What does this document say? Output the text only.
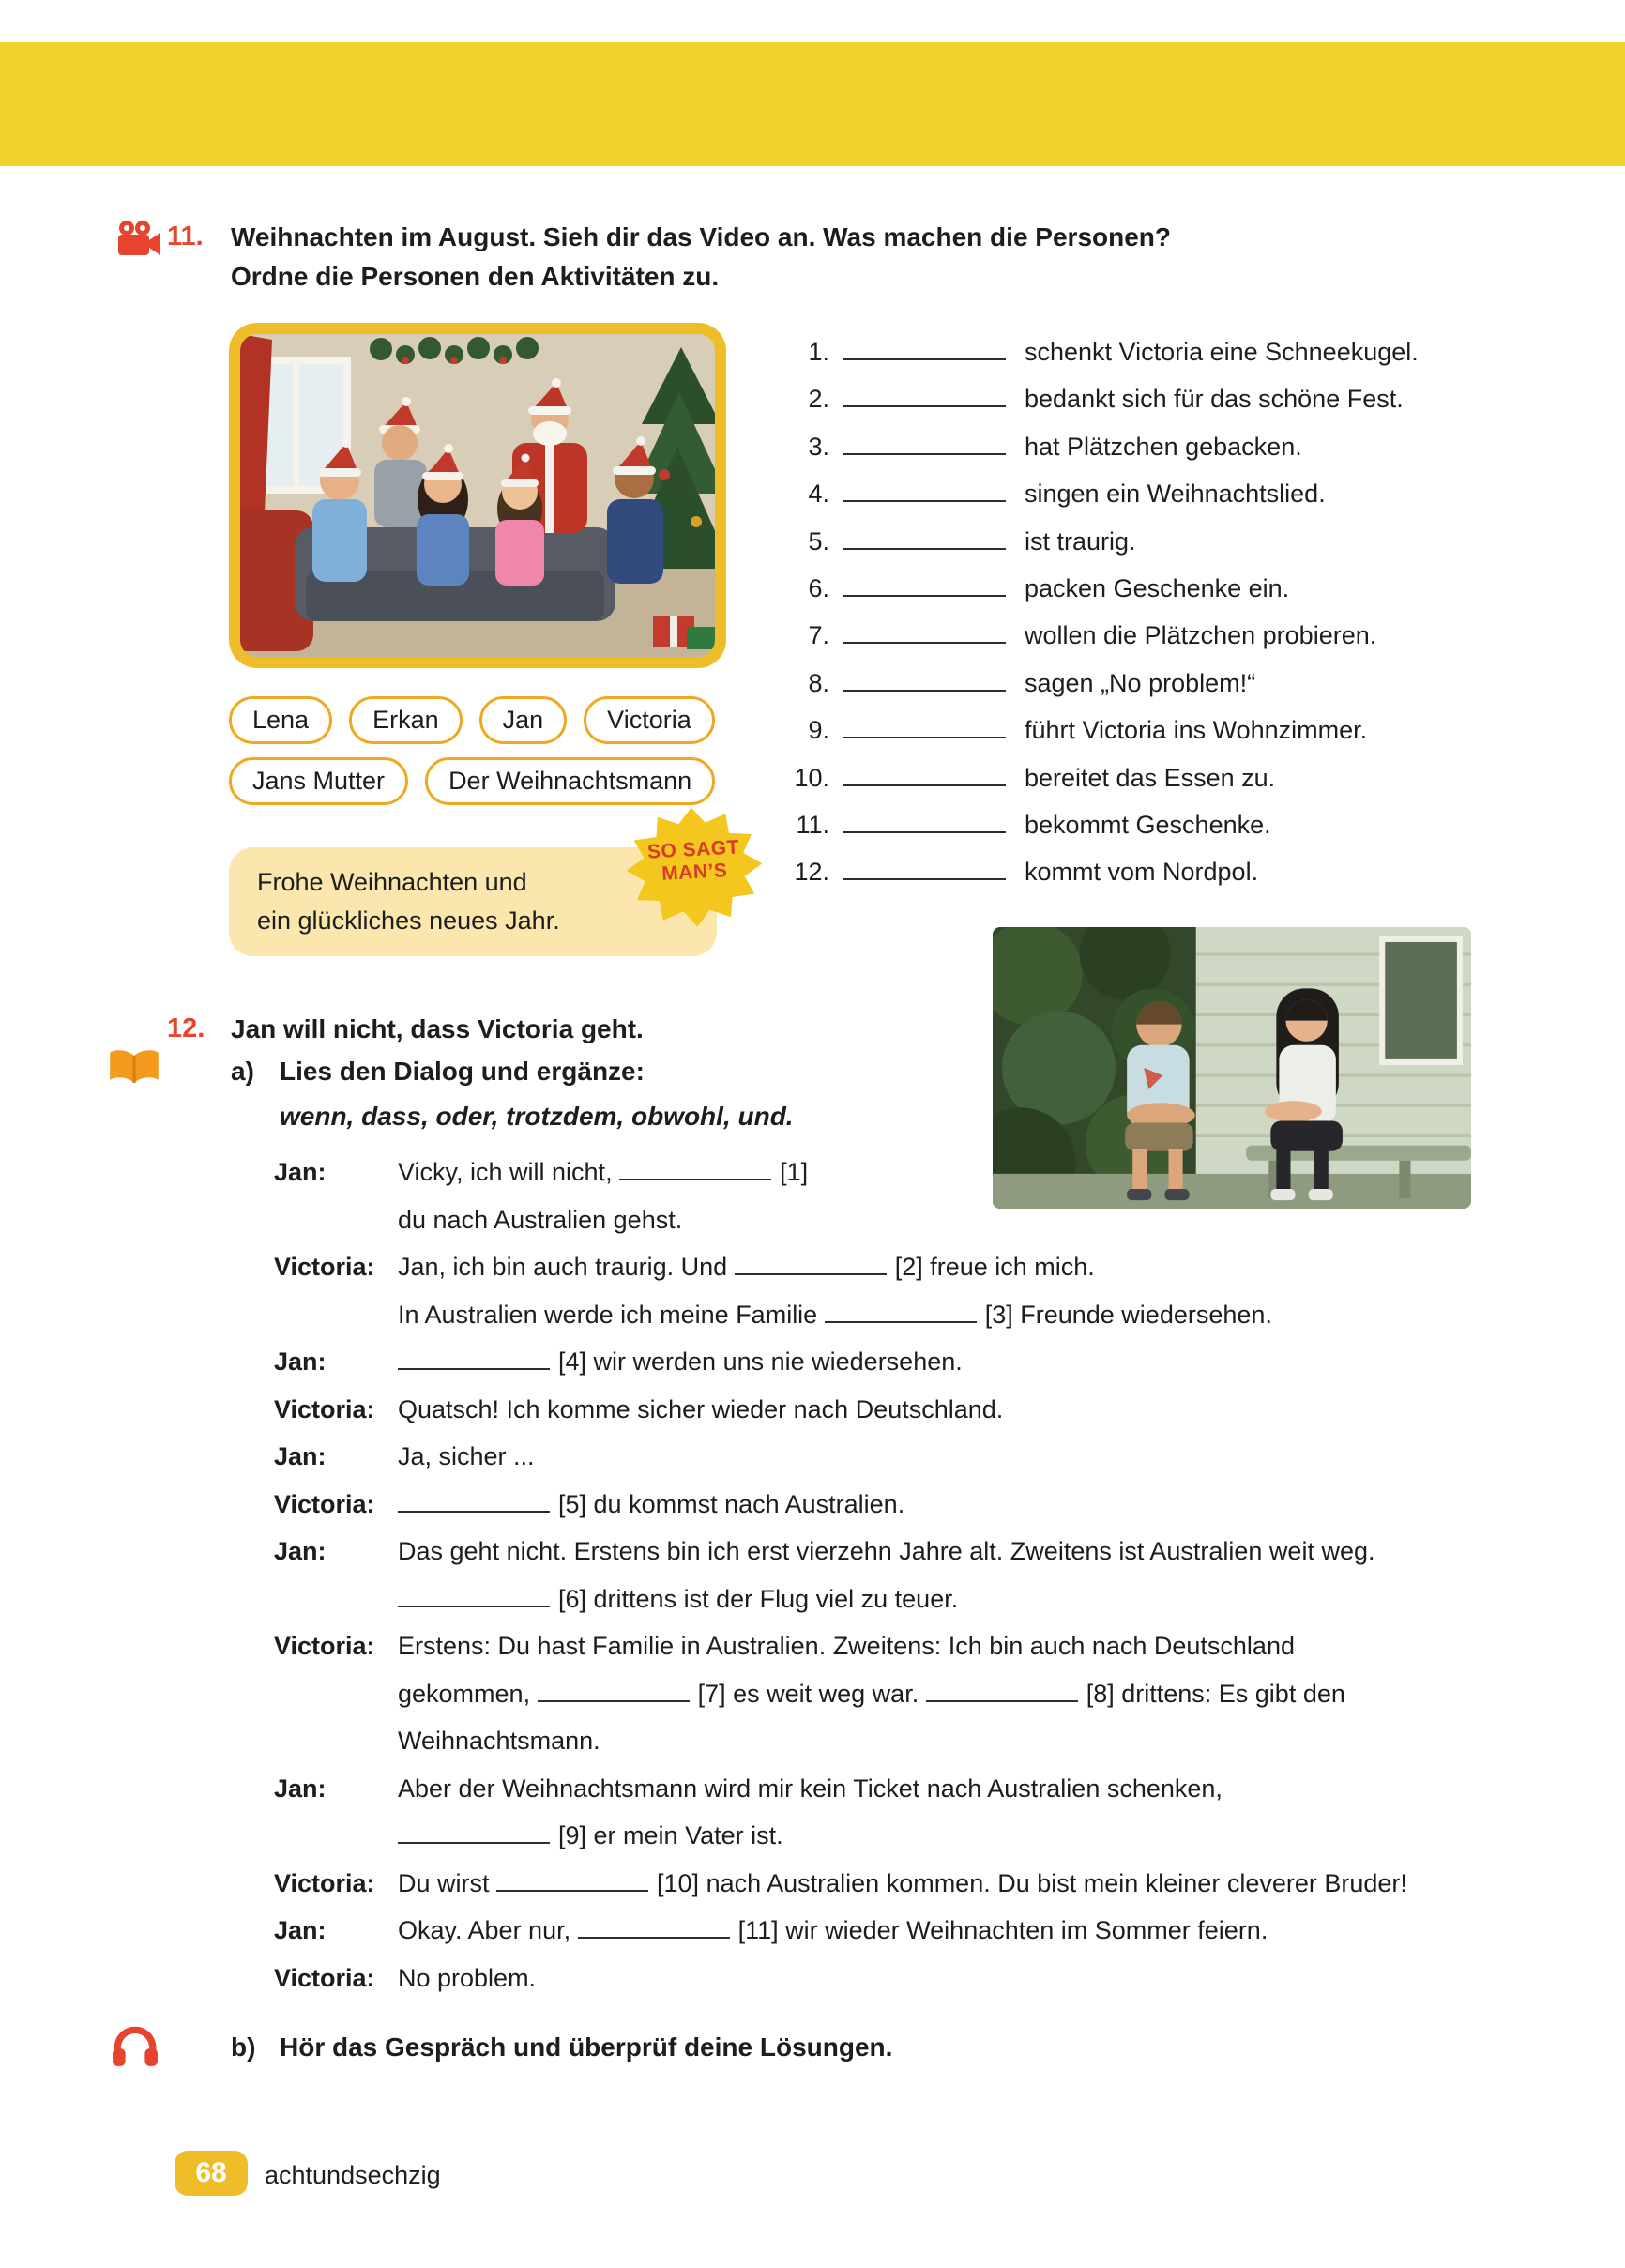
11. Weihnachten im August. Sieh dir das Video an. Was machen die Personen?
Ordne die Personen den Aktivitäten zu.
1.	schenkt Victoria eine Schneekugel.
2.	bedankt sich für das schöne Fest.
3.	hat Plätzchen gebacken.
4.	singen ein Weihnachtslied.
5.	ist traurig.
6.	packen Geschenke ein.
7.	wollen die Plätzchen probieren.
8.	sagen „No problem!“
9.	führt Victoria ins Wohnzimmer.
10.	bereitet das Essen zu.
11.	bekommt Geschenke.
12.	kommt vom Nordpol.
Lena	Erkan	Jan	Victoria
Jans Mutter	Der Weihnachtsmann
Frohe Weihnachten und
ein glückliches neues Jahr.
SO SAGT
MAN’S
12. Jan will nicht, dass Victoria geht.
a) Lies den Dialog und ergänze:
wenn, dass, oder, trotzdem, obwohl, und.
Jan:	Vicky, ich will nicht,	[1]
du nach Australien gehst.
Victoria: Jan, ich bin auch traurig. Und	[2] freue ich mich.
In Australien werde ich meine Familie	[3] Freunde wiedersehen.
Jan:	[4] wir werden uns nie wiedersehen.
Victoria: Quatsch! Ich komme sicher wieder nach Deutschland.
Jan:	Ja, sicher ...
Victoria:	[5] du kommst nach Australien.
Jan:	Das geht nicht. Erstens bin ich erst vierzehn Jahre alt. Zweitens ist Australien weit weg.
[6] drittens ist der Flug viel zu teuer.
Victoria: Erstens: Du hast Familie in Australien. Zweitens: Ich bin auch nach Deutschland
gekommen,	[7] es weit weg war.	[8] drittens: Es gibt den
Weihnachtsmann.
Jan:	Aber der Weihnachtsmann wird mir kein Ticket nach Australien schenken,
[9] er mein Vater ist.
Victoria: Du wirst	[10] nach Australien kommen. Du bist mein kleiner cleverer Bruder!
Jan:	Okay. Aber nur,	[11] wir wieder Weihnachten im Sommer feiern.
Victoria: No problem.
b) Hör das Gespräch und überprüf deine Lösungen.
68	achtundsechzig
